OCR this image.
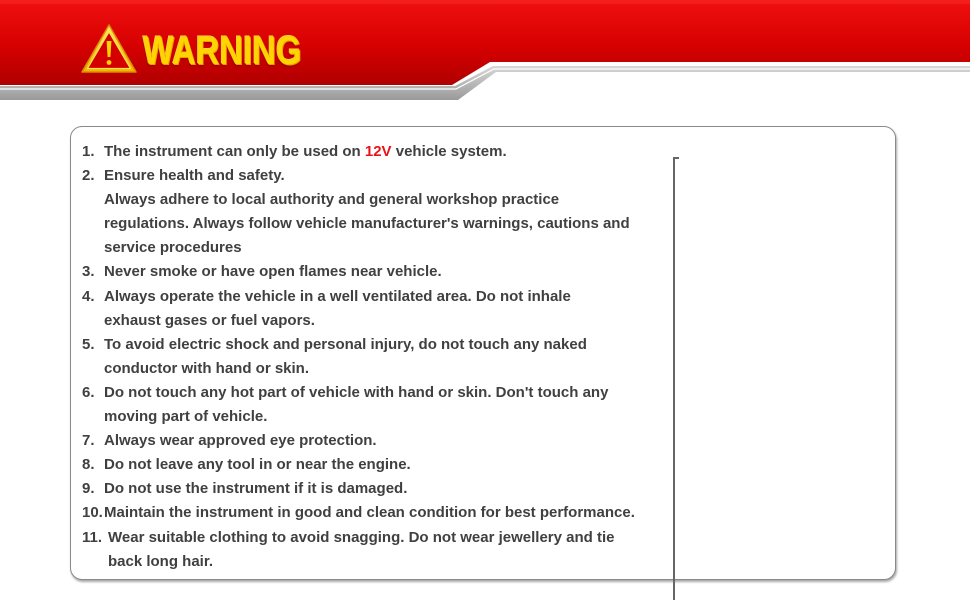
WARNING
1. The instrument can only be used on 12V vehicle system.
2. Ensure health and safety.
Always adhere to local authority and general workshop practice
regulations. Always follow vehicle manufacturer's warnings, cautions and
service procedures
3. Never smoke or have open flames near vehicle.
4. Always operate the vehicle in a well ventilated area. Do not inhale
exhaust gases or fuel vapors.
5. To avoid electric shock and personal injury, do not touch any naked
conductor with hand or skin.
6. Do not touch any hot part of vehicle with hand or skin. Don't touch any
moving part of vehicle.
7. Always wear approved eye protection.
8. Do not leave any tool in or near the engine.
9. Do not use the instrument if it is damaged.
10.Maintain the instrument in good and clean condition for best performance.
11. Wear suitable clothing to avoid snagging. Do not wear jewellery and tie
back long hair.
